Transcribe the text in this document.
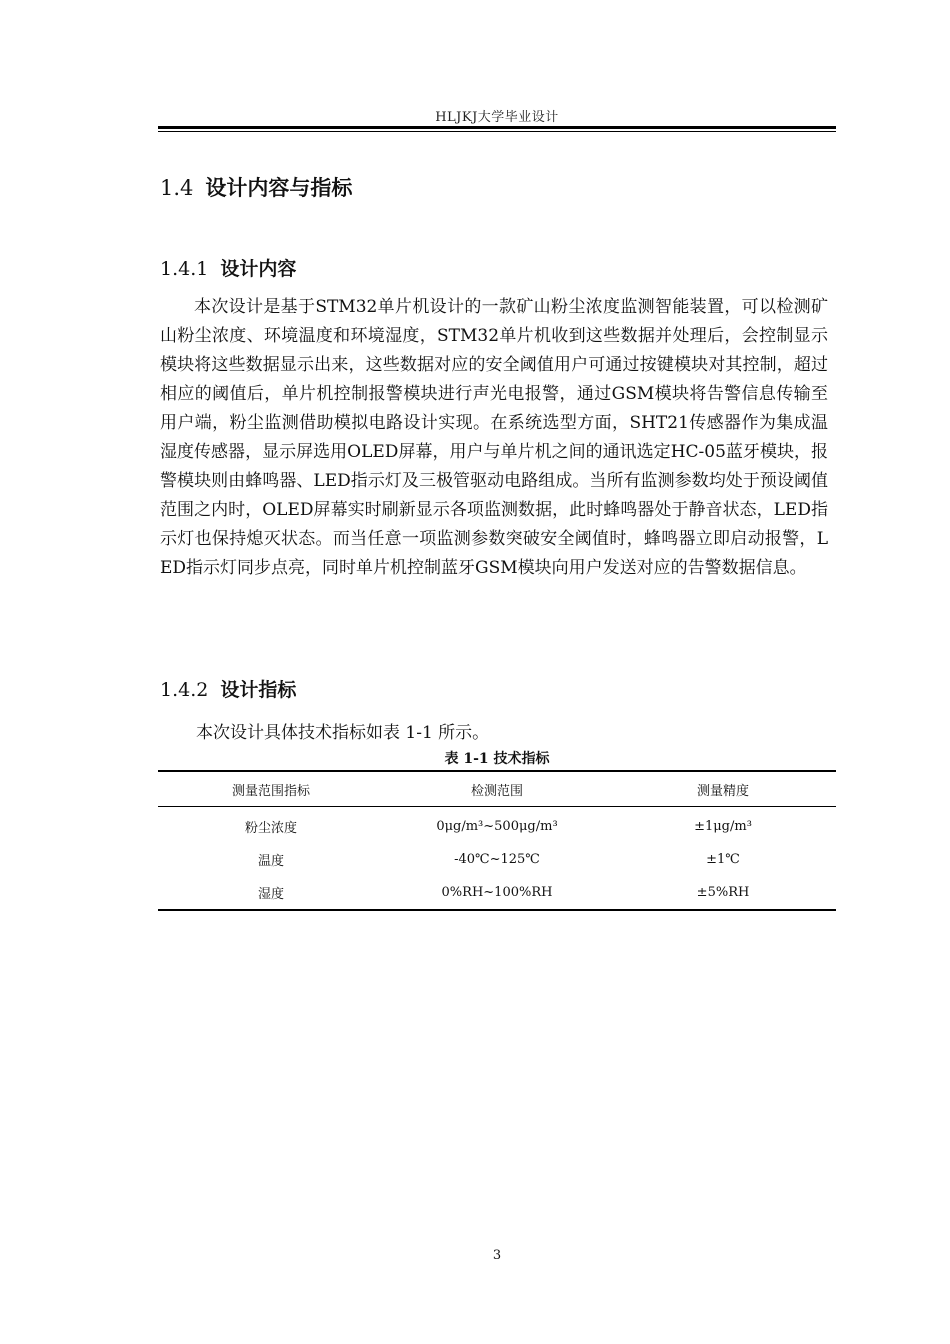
HLJKJ大学毕业设计
1.4 设计内容与指标
1.4.1 设计内容

本次设计是基于STM32单片机设计的一款矿山粉尘浓度监测智能装置，可以检测矿山粉尘浓度、环境温度和环境湿度，STM32单片机收到这些数据并处理后，会控制显示模块将这些数据显示出来，这些数据对应的安全阈值用户可通过按键模块对其控制，超过相应的阈值后，单片机控制报警模块进行声光电报警，通过GSM模块将告警信息传输至用户端，粉尘监测借助模拟电路设计实现。在系统选型方面，SHT21传感器作为集成温湿度传感器，显示屏选用OLED屏幕，用户与单片机之间的通讯选定HC-05蓝牙模块，报警模块则由蜂鸣器、LED指示灯及三极管驱动电路组成。当所有监测参数均处于预设阈值范围之内时，OLED屏幕实时刷新显示各项监测数据，此时蜂鸣器处于静音状态，LED指示灯也保持熄灭状态。而当任意一项监测参数突破安全阈值时，蜂鸣器立即启动报警，LED指示灯同步点亮，同时单片机控制蓝牙GSM模块向用户发送对应的告警数据信息。

1.4.2 设计指标
本次设计具体技术指标如表 1-1 所示。
表 1-1 技术指标
测量范围指标	检测范围	测量精度
粉尘浓度	0μg/m³~500μg/m³	±1μg/m³
温度	-40℃~125℃	±1℃
湿度	0%RH~100%RH	±5%RH
3
